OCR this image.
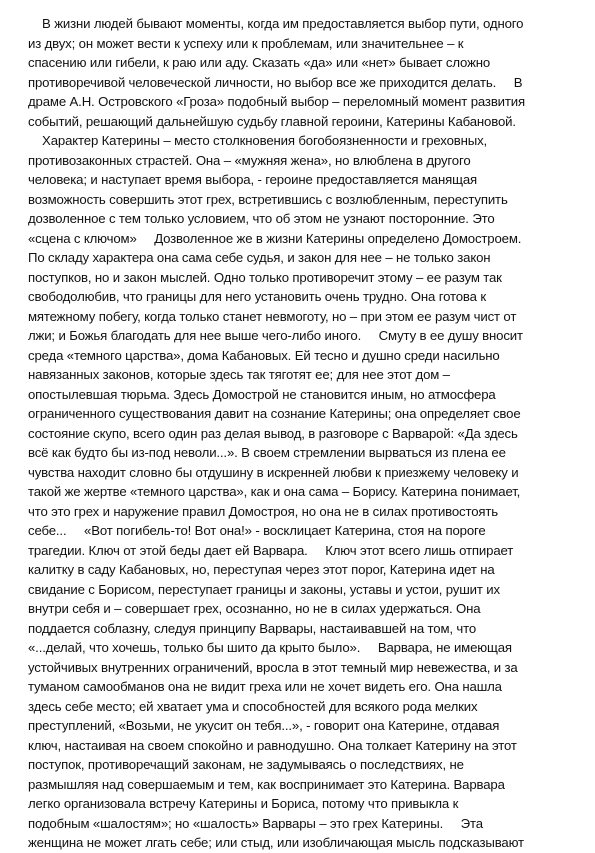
В жизни людей бывают моменты, когда им предоставляется выбор пути, одного
из двух; он может вести к успеху или к проблемам, или значительнее – к
спасению или гибели, к раю или аду. Сказать «да» или «нет» бывает сложно
противоречивой человеческой личности, но выбор все же приходится делать.     В
драме А.Н. Островского «Гроза» подобный выбор – переломный момент развития
событий, решающий дальнейшую судьбу главной героини, Катерины Кабановой.
Характер Катерины – место столкновения богобоязненности и греховных,
противозаконных страстей. Она – «мужняя жена», но влюблена в другого
человека; и наступает время выбора, - героине предоставляется манящая
возможность совершить этот грех, встретившись с возлюбленным, переступить
дозволенное с тем только условием, что об этом не узнают посторонние. Это
«сцена с ключом»     Дозволенное же в жизни Катерины определено Домостроем.
По складу характера она сама себе судья, и закон для нее – не только закон
поступков, но и закон мыслей. Одно только противоречит этому – ее разум так
свободолюбив, что границы для него установить очень трудно. Она готова к
мятежному побегу, когда только станет невмоготу, но – при этом ее разум чист от
лжи; и Божья благодать для нее выше чего-либо иного.     Смуту в ее душу вносит
среда «темного царства», дома Кабановых. Ей тесно и душно среди насильно
навязанных законов, которые здесь так тяготят ее; для нее этот дом –
опостылевшая тюрьма. Здесь Домострой не становится иным, но атмосфера
ограниченного существования давит на сознание Катерины; она определяет свое
состояние скупо, всего один раз делая вывод, в разговоре с Варварой: «Да здесь
всё как будто бы из-под неволи...». В своем стремлении вырваться из плена ее
чувства находит словно бы отдушину в искренней любви к приезжему человеку и
такой же жертве «темного царства», как и она сама – Борису. Катерина понимает,
что это грех и наружение правил Домостроя, но она не в силах противостоять
себе...     «Вот погибель-то! Вот она!» - восклицает Катерина, стоя на пороге
трагедии. Ключ от этой беды дает ей Варвара.     Ключ этот всего лишь отпирает
калитку в саду Кабановых, но, переступая через этот порог, Катерина идет на
свидание с Борисом, переступает границы и законы, уставы и устои, рушит их
внутри себя и – совершает грех, осознанно, но не в силах удержаться. Она
поддается соблазну, следуя принципу Варвары, настаивавшей на том, что
«...делай, что хочешь, только бы шито да крыто было».     Варвара, не имеющая
устойчивых внутренних ограничений, вросла в этот темный мир невежества, и за
туманом самообманов она не видит греха или не хочет видеть его. Она нашла
здесь себе место; ей хватает ума и способностей для всякого рода мелких
преступлений, «Возьми, не укусит он тебя...», - говорит она Катерине, отдавая
ключ, настаивая на своем спокойно и равнодушно. Она толкает Катерину на этот
поступок, противоречащий законам, не задумываясь о последствиях, не
размышляя над совершаемым и тем, как воспринимает это Катерина. Варвара
легко организовала встречу Катерины и Бориса, потому что привыкла к
подобным «шалостям»; но «шалость» Варвары – это грех Катерины.     Эта
женщина не может лгать себе; или стыд, или изобличающая мысль подсказывают
